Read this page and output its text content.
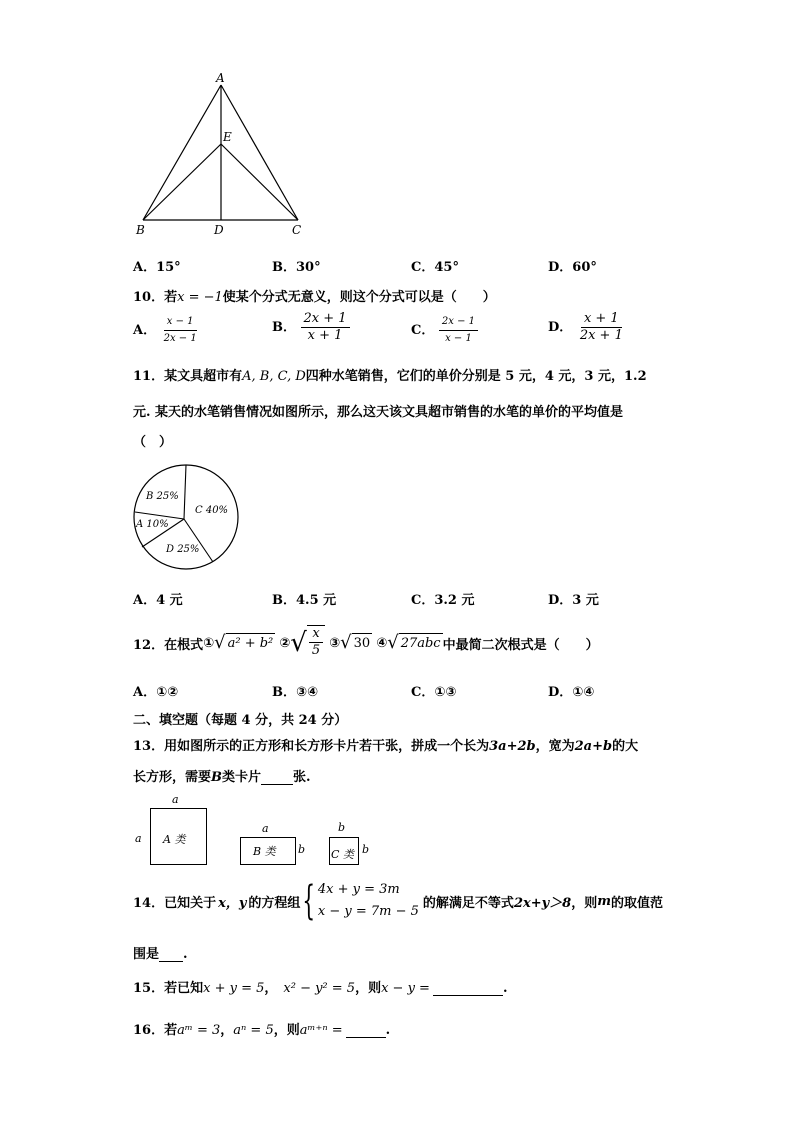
A
E
B	D	C
A．15°	B．30°	C．45°	D．60°
10．若x = −1使某个分式无意义，则这个分式可以是（　　）
A． $\frac{x - 1}{2x - 1}$	B． $\frac{2x + 1}{x + 1}$	C． $\frac{2x - 1}{x - 1}$	D． $\frac{x + 1}{2x + 1}$
11．某文具超市有A, B, C, D四种水笔销售，它们的单价分别是 5 元，4 元，3 元，1.2
元. 某天的水笔销售情况如图所示，那么这天该文具超市销售的水笔的单价的平均值是
（　）
B 25%
C 40%
A 10%
D 25%
A．4 元	B．4.5 元	C．3.2 元	D．3 元
12． 在根式 ① √ a² + b² ② √ $\frac{x}{5}$ ③ √ 30 ④ √ 27abc 中最简二次根式是（　　）
A．①②	B．③④	C．①③	D．①④
二、填空题（每题 4 分，共 24 分）
13．用如图所示的正方形和长方形卡片若干张，拼成一个长为3a+2b，宽为2a+b的大
长方形，需要B类卡片 张.
a
a A 类
a
b
B 类
b
b
C 类
14． 已知关于 x，y 的方程组 { 4x + y = 3m
x − y = 7m − 5
的解满足不等式 2x+y＞8 ，则 m 的取值范
围是 .
15．若已知x + y = 5， x² − y² = 5，则x − y =	.
16．若aᵐ = 3，aⁿ = 5，则aᵐ⁺ⁿ =	.
